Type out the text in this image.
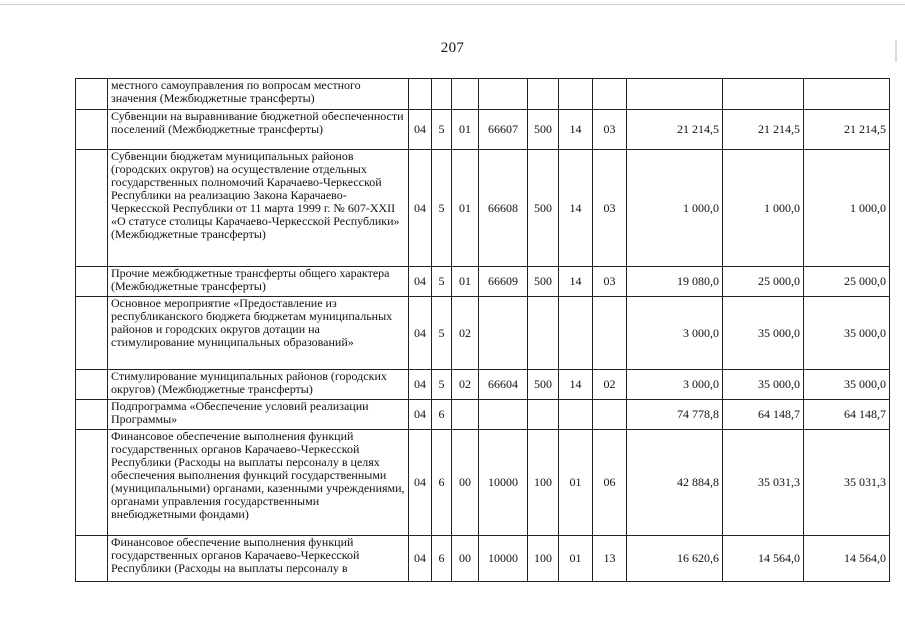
207
	местного самоуправления по вопросам местного значения (Межбюджетные трансферты)										
	Субвенции на выравнивание бюджетной обеспеченности поселений (Межбюджетные трансферты)	04	5	01	66607	500	14	03	21 214,5	21 214,5	21 214,5
	Субвенции бюджетам муниципальных районов (городских округов) на осуществление отдельных государственных полномочий Карачаево-Черкесской Республики на реализацию Закона Карачаево-Черкесской Республики от 11 марта 1999 г. № 607-XXII «О статусе столицы Карачаево-Черкесской Республики» (Межбюджетные трансферты)	04	5	01	66608	500	14	03	1 000,0	1 000,0	1 000,0
	Прочие межбюджетные трансферты общего характера (Межбюджетные трансферты)	04	5	01	66609	500	14	03	19 080,0	25 000,0	25 000,0
	Основное мероприятие «Предоставление из республиканского бюджета бюджетам муниципальных районов и городских округов дотации на стимулирование муниципальных образований»	04	5	02					3 000,0	35 000,0	35 000,0
	Стимулирование муниципальных районов (городских округов) (Межбюджетные трансферты)	04	5	02	66604	500	14	02	3 000,0	35 000,0	35 000,0
	Подпрограмма «Обеспечение условий реализации Программы»	04	6						74 778,8	64 148,7	64 148,7
	Финансовое обеспечение выполнения функций государственных органов Карачаево-Черкесской Республики (Расходы на выплаты персоналу в целях обеспечения выполнения функций государственными (муниципальными) органами, казенными учреждениями, органами управления государственными внебюджетными фондами)	04	6	00	10000	100	01	06	42 884,8	35 031,3	35 031,3
	Финансовое обеспечение выполнения функций государственных органов Карачаево-Черкесской Республики (Расходы на выплаты персоналу в	04	6	00	10000	100	01	13	16 620,6	14 564,0	14 564,0
